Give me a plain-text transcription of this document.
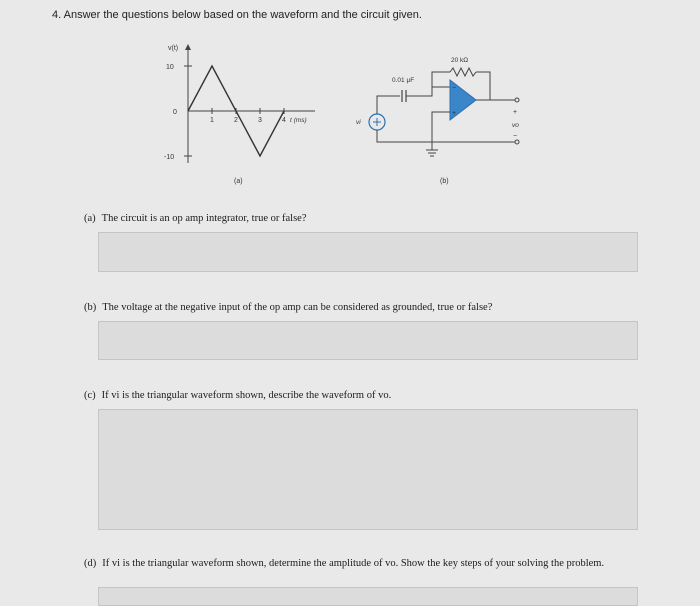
4. Answer the questions below based on the waveform and the circuit given.
v(t)
10
0
-10
1	2	3	4 t (ms)
(a)
vi
0.01 μF
20 kΩ
−
+	+
vo
−
(b)
(a) The circuit is an op amp integrator, true or false?
(b) The voltage at the negative input of the op amp can be considered as grounded, true or false?
(c) If vi is the triangular waveform shown, describe the waveform of vo.
(d) If vi is the triangular waveform shown, determine the amplitude of vo. Show the key steps of your solving the problem.
